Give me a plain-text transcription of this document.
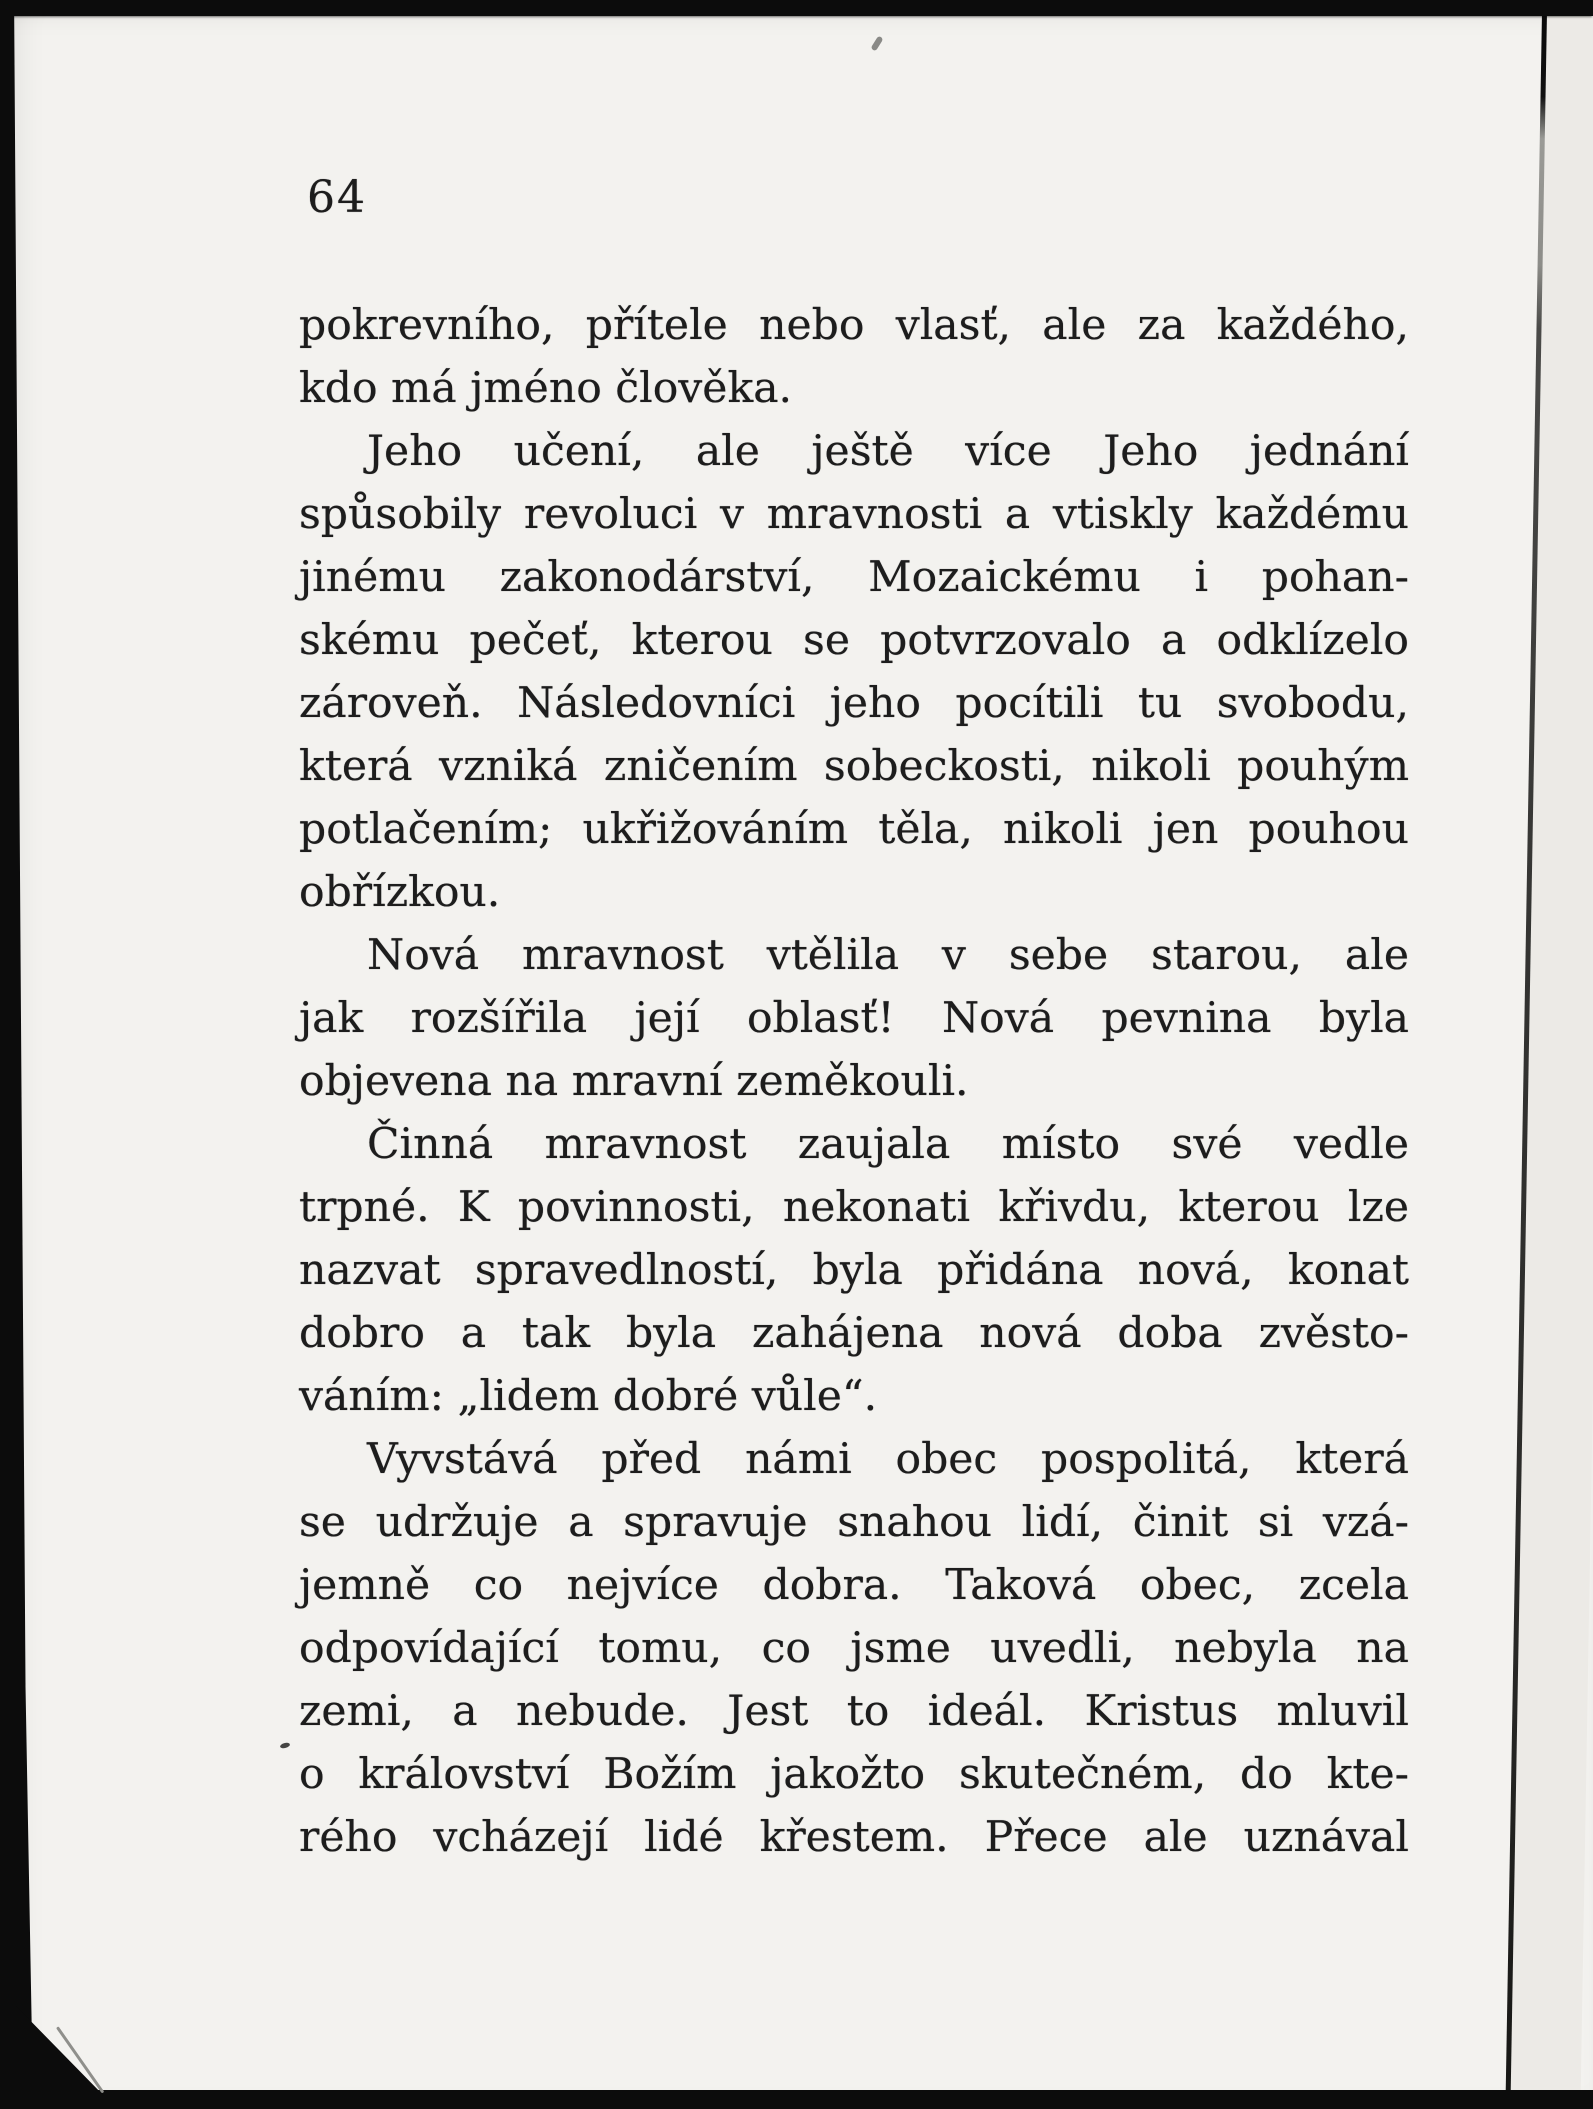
64
pokrevního, přítele nebo vlasť, ale za každého,
kdo má jméno člověka.
Jeho učení, ale ještě více Jeho jednání
spůsobily revoluci v mravnosti a vtiskly každému
jinému zakonodárství, Mozaickému i pohan-
skému pečeť, kterou se potvrzovalo a odklízelo
zároveň. Následovníci jeho pocítili tu svobodu,
která vzniká zničením sobeckosti, nikoli pouhým
potlačením; ukřižováním těla, nikoli jen pouhou
obřízkou.
Nová mravnost vtělila v sebe starou, ale
jak rozšířila její oblasť! Nová pevnina byla
objevena na mravní zeměkouli.
Činná mravnost zaujala místo své vedle
trpné. K povinnosti, nekonati křivdu, kterou lze
nazvat spravedlností, byla přidána nová, konat
dobro a tak byla zahájena nová doba zvěsto-
váním: „lidem dobré vůle“.
Vyvstává před námi obec pospolitá, která
se udržuje a spravuje snahou lidí, činit si vzá-
jemně co nejvíce dobra. Taková obec, zcela
odpovídající tomu, co jsme uvedli, nebyla na
zemi, a nebude. Jest to ideál. Kristus mluvil
o království Božím jakožto skutečném, do kte-
rého vcházejí lidé křestem. Přece ale uznával
